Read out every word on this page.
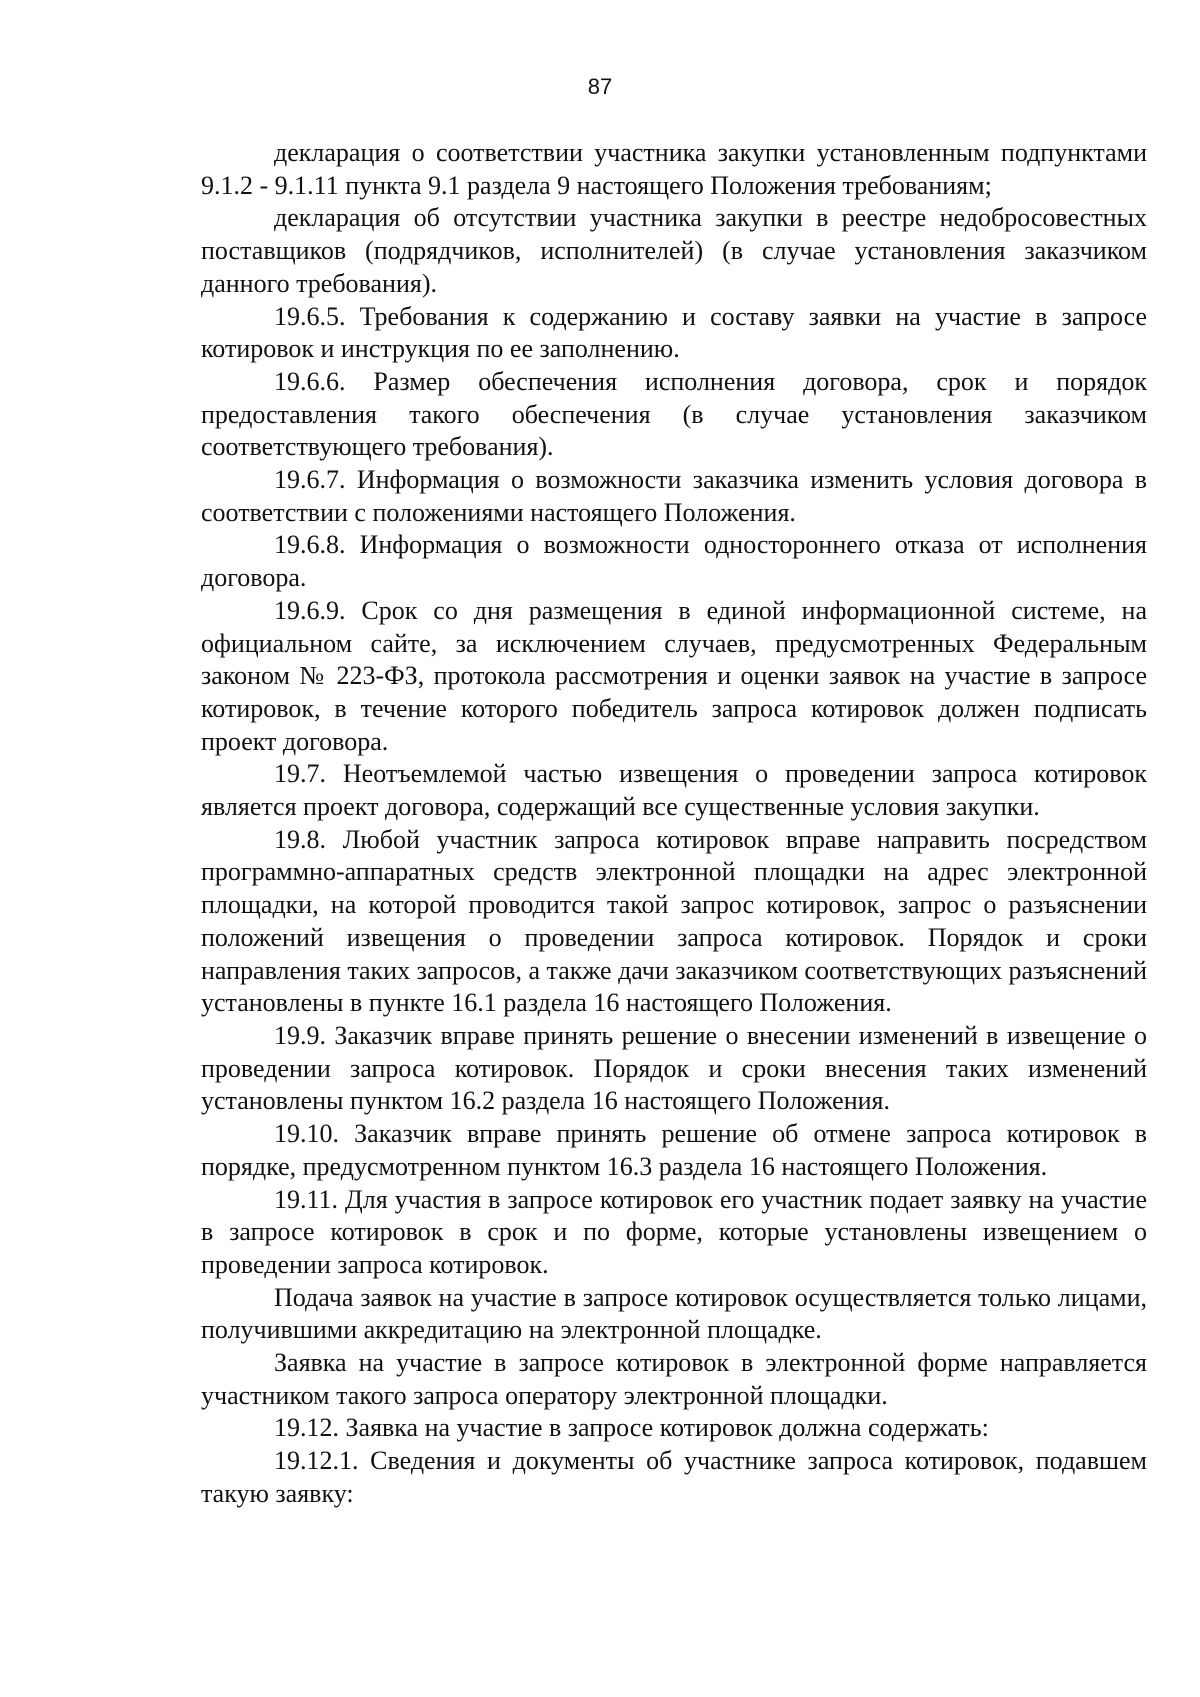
87

декларация о соответствии участника закупки установленным подпунктами 9.1.2 - 9.1.11 пункта 9.1 раздела 9 настоящего Положения требованиям;

декларация об отсутствии участника закупки в реестре недобросовестных поставщиков (подрядчиков, исполнителей) (в случае установления заказчиком данного требования).

19.6.5. Требования к содержанию и составу заявки на участие в запросе котировок и инструкция по ее заполнению.

19.6.6. Размер обеспечения исполнения договора, срок и порядок предоставления такого обеспечения (в случае установления заказчиком соответствующего требования).

19.6.7. Информация о возможности заказчика изменить условия договора в соответствии с положениями настоящего Положения.

19.6.8. Информация о возможности одностороннего отказа от исполнения договора.

19.6.9. Срок со дня размещения в единой информационной системе, на официальном сайте, за исключением случаев, предусмотренных Федеральным законом № 223-ФЗ, протокола рассмотрения и оценки заявок на участие в запросе котировок, в течение которого победитель запроса котировок должен подписать проект договора.

19.7. Неотъемлемой частью извещения о проведении запроса котировок является проект договора, содержащий все существенные условия закупки.

19.8. Любой участник запроса котировок вправе направить посредством программно-аппаратных средств электронной площадки на адрес электронной площадки, на которой проводится такой запрос котировок, запрос о разъяснении положений извещения о проведении запроса котировок. Порядок и сроки направления таких запросов, а также дачи заказчиком соответствующих разъяснений установлены в пункте 16.1 раздела 16 настоящего Положения.

19.9. Заказчик вправе принять решение о внесении изменений в извещение о проведении запроса котировок. Порядок и сроки внесения таких изменений установлены пунктом 16.2 раздела 16 настоящего Положения.

19.10. Заказчик вправе принять решение об отмене запроса котировок в порядке, предусмотренном пунктом 16.3 раздела 16 настоящего Положения.

19.11. Для участия в запросе котировок его участник подает заявку на участие в запросе котировок в срок и по форме, которые установлены извещением о проведении запроса котировок.

Подача заявок на участие в запросе котировок осуществляется только лицами, получившими аккредитацию на электронной площадке.

Заявка на участие в запросе котировок в электронной форме направляется участником такого запроса оператору электронной площадки.

19.12. Заявка на участие в запросе котировок должна содержать:

19.12.1. Сведения и документы об участнике запроса котировок, подавшем такую заявку:
